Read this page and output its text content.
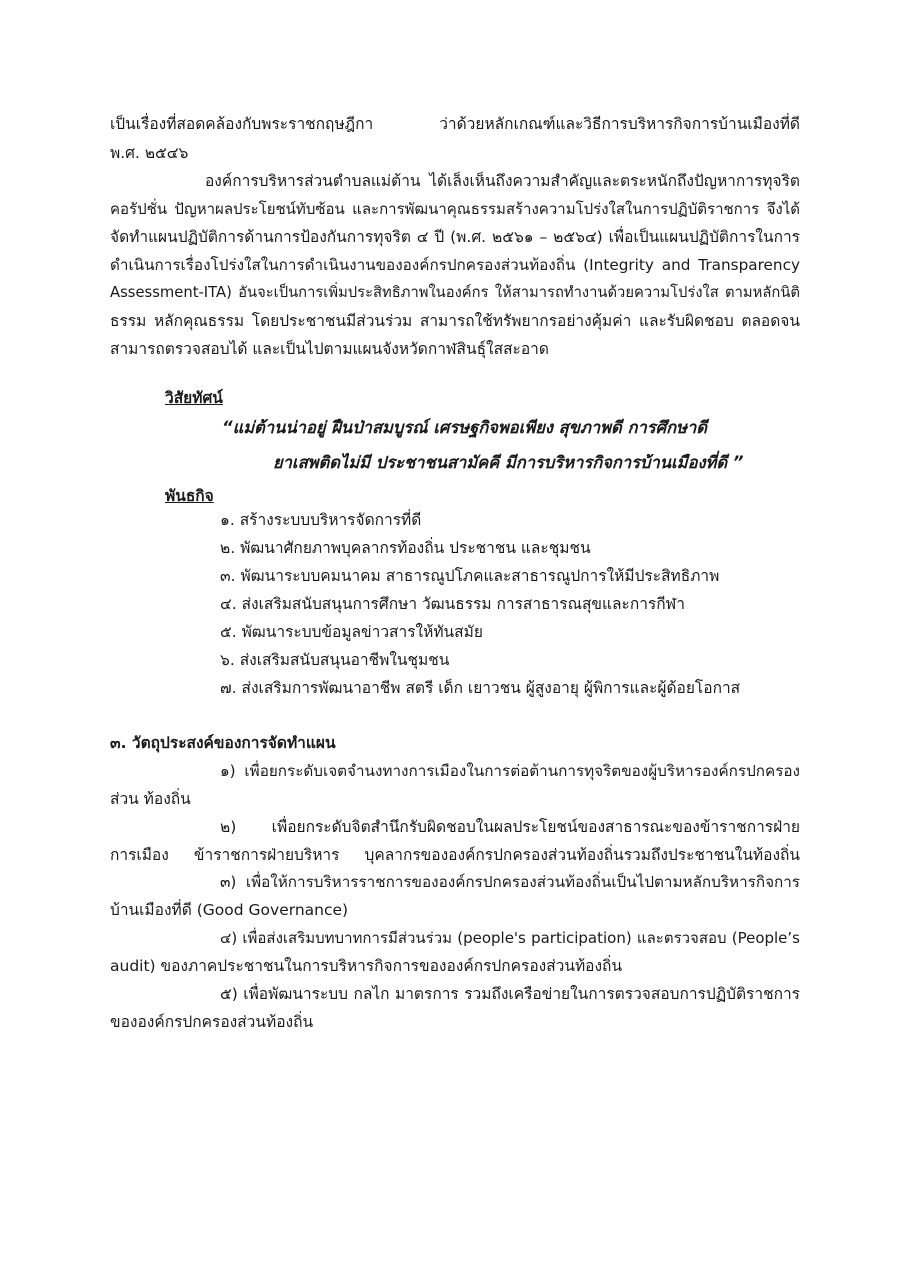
เป็นเรื่องที่สอดคล้องกับพระราชกฤษฎีกา ว่าด้วยหลักเกณฑ์และวิธีการบริหารกิจการบ้านเมืองที่ดี
พ.ศ. ๒๕๔๖
องค์การบริหารส่วนตำบลแม่ต้าน ได้เล็งเห็นถึงความสำคัญและตระหนักถึงปัญหาการทุจริต
คอรัปชั่น ปัญหาผลประโยชน์ทับซ้อน และการพัฒนาคุณธรรมสร้างความโปร่งใสในการปฏิบัติราชการ จึงได้
จัดทำแผนปฏิบัติการด้านการป้องกันการทุจริต ๔ ปี (พ.ศ. ๒๕๖๑ – ๒๕๖๔) เพื่อเป็นแผนปฏิบัติการในการ
ดำเนินการเรื่องโปร่งใสในการดำเนินงานขององค์กรปกครองส่วนท้องถิ่น (Integrity and Transparency
Assessment-ITA) อันจะเป็นการเพิ่มประสิทธิภาพในองค์กร ให้สามารถทำงานด้วยความโปร่งใส ตามหลักนิติ
ธรรม หลักคุณธรรม โดยประชาชนมีส่วนร่วม สามารถใช้ทรัพยากรอย่างคุ้มค่า และรับผิดชอบ ตลอดจน
สามารถตรวจสอบได้ และเป็นไปตามแผนจังหวัดกาฬสินธุ์ใสสะอาด
วิสัยทัศน์
“แม่ต้านน่าอยู่ ฝืนป่าสมบูรณ์ เศรษฐกิจพอเพียง สุขภาพดี การศึกษาดี
ยาเสพติดไม่มี ประชาชนสามัคคี มีการบริหารกิจการบ้านเมืองที่ดี ”
พันธกิจ
๑. สร้างระบบบริหารจัดการที่ดี
๒. พัฒนาศักยภาพบุคลากรท้องถิ่น ประชาชน และชุมชน
๓. พัฒนาระบบคมนาคม สาธารณูปโภคและสาธารณูปการให้มีประสิทธิภาพ
๔. ส่งเสริมสนับสนุนการศึกษา วัฒนธรรม การสาธารณสุขและการกีฬา
๕. พัฒนาระบบข้อมูลข่าวสารให้ทันสมัย
๖. ส่งเสริมสนับสนุนอาชีพในชุมชน
๗. ส่งเสริมการพัฒนาอาชีพ สตรี เด็ก เยาวชน ผู้สูงอายุ ผู้พิการและผู้ด้อยโอกาส
๓. วัตถุประสงค์ของการจัดทำแผน
๑) เพื่อยกระดับเจตจำนงทางการเมืองในการต่อต้านการทุจริตของผู้บริหารองค์กรปกครอง
ส่วน ท้องถิ่น
๒) เพื่อยกระดับจิตสำนึกรับผิดชอบในผลประโยชน์ของสาธารณะของข้าราชการฝ่าย
การเมือง ข้าราชการฝ่ายบริหาร บุคลากรขององค์กรปกครองส่วนท้องถิ่นรวมถึงประชาชนในท้องถิ่น
๓) เพื่อให้การบริหารราชการขององค์กรปกครองส่วนท้องถิ่นเป็นไปตามหลักบริหารกิจการ
บ้านเมืองที่ดี (Good Governance)
๔) เพื่อส่งเสริมบทบาทการมีส่วนร่วม (people's participation) และตรวจสอบ (People’s
audit) ของภาคประชาชนในการบริหารกิจการขององค์กรปกครองส่วนท้องถิ่น
๕) เพื่อพัฒนาระบบ กลไก มาตรการ รวมถึงเครือข่ายในการตรวจสอบการปฏิบัติราชการ
ขององค์กรปกครองส่วนท้องถิ่น
